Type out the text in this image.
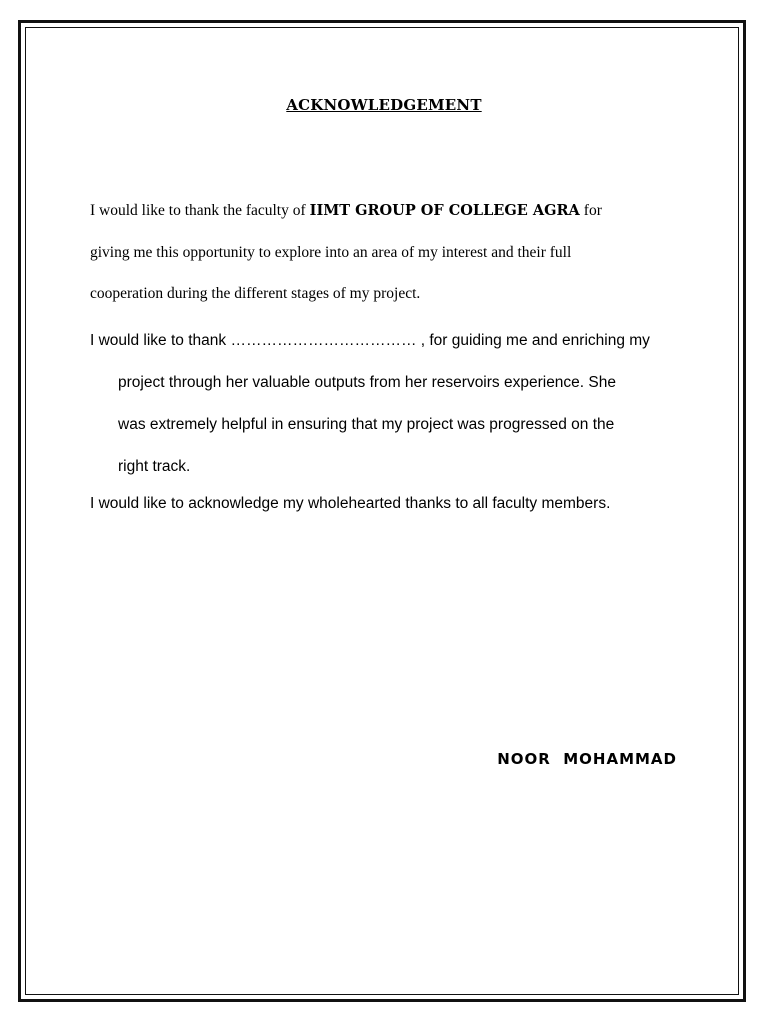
ACKNOWLEDGEMENT
I would like to thank the faculty of IIMT GROUP OF COLLEGE AGRA for
giving me this opportunity to explore into an area of my interest and their full
cooperation during the different stages of my project.
I would like to thank ……………………………… , for guiding me and enriching my
project through her valuable outputs from her reservoirs experience. She
was extremely helpful in ensuring that my project was progressed on the
right track.
I would like to acknowledge my wholehearted thanks to all faculty members.
NOOR  MOHAMMAD
